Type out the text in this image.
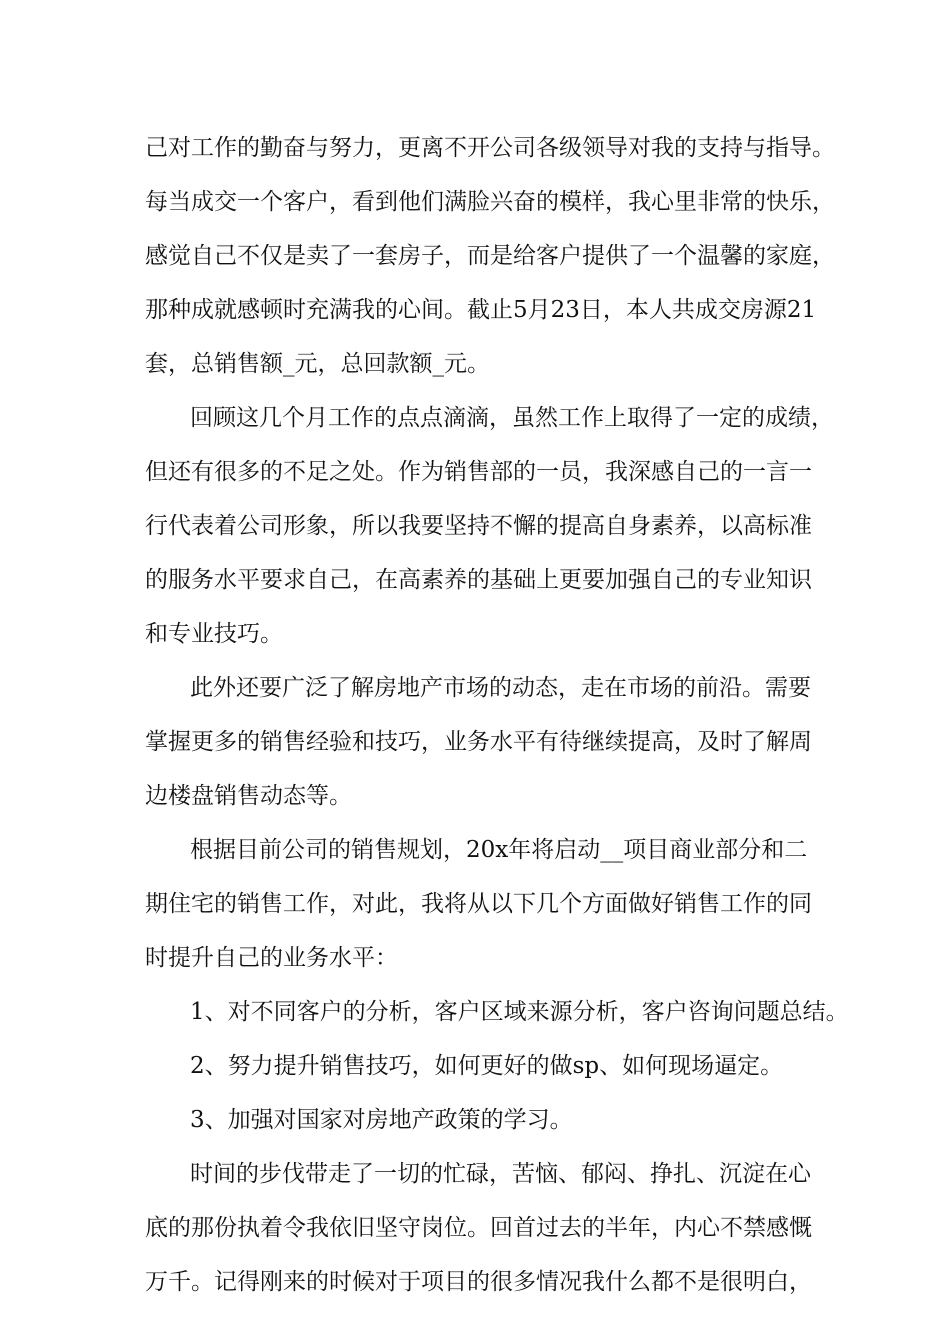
己对工作的勤奋与努力，更离不开公司各级领导对我的支持与指导。
每当成交一个客户，看到他们满脸兴奋的模样，我心里非常的快乐，
感觉自己不仅是卖了一套房子，而是给客户提供了一个温馨的家庭，
那种成就感顿时充满我的心间。截止5月23日，本人共成交房源21
套，总销售额_元，总回款额_元。
回顾这几个月工作的点点滴滴，虽然工作上取得了一定的成绩，
但还有很多的不足之处。作为销售部的一员，我深感自己的一言一
行代表着公司形象，所以我要坚持不懈的提高自身素养，以高标准
的服务水平要求自己，在高素养的基础上更要加强自己的专业知识
和专业技巧。
此外还要广泛了解房地产市场的动态，走在市场的前沿。需要
掌握更多的销售经验和技巧，业务水平有待继续提高，及时了解周
边楼盘销售动态等。
根据目前公司的销售规划，20x年将启动__项目商业部分和二
期住宅的销售工作，对此，我将从以下几个方面做好销售工作的同
时提升自己的业务水平：
1、对不同客户的分析，客户区域来源分析，客户咨询问题总结。
2、努力提升销售技巧，如何更好的做sp、如何现场逼定。
3、加强对国家对房地产政策的学习。
时间的步伐带走了一切的忙碌，苦恼、郁闷、挣扎、沉淀在心
底的那份执着令我依旧坚守岗位。回首过去的半年，内心不禁感慨
万千。记得刚来的时候对于项目的很多情况我什么都不是很明白，
